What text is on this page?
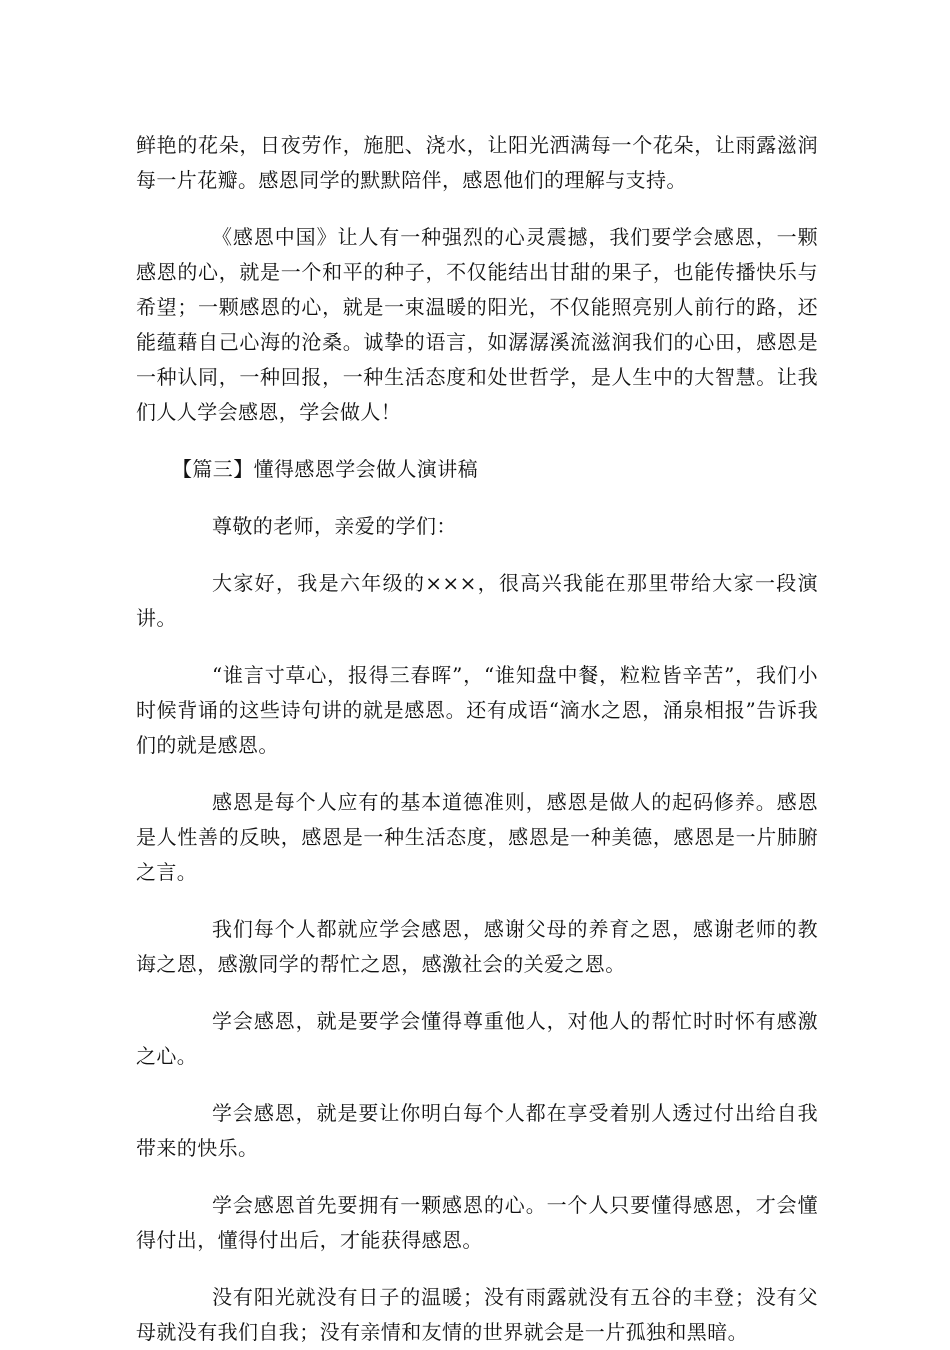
鲜艳的花朵，日夜劳作，施肥、浇水，让阳光洒满每一个花朵，让雨露滋润每一片花瓣。感恩同学的默默陪伴，感恩他们的理解与支持。

《感恩中国》让人有一种强烈的心灵震撼，我们要学会感恩，一颗感恩的心，就是一个和平的种子，不仅能结出甘甜的果子，也能传播快乐与希望；一颗感恩的心，就是一束温暖的阳光，不仅能照亮别人前行的路，还能蕴藉自己心海的沧桑。诚挚的语言，如潺潺溪流滋润我们的心田，感恩是一种认同，一种回报，一种生活态度和处世哲学，是人生中的大智慧。让我们人人学会感恩，学会做人！

【篇三】懂得感恩学会做人演讲稿

尊敬的老师，亲爱的学们：

大家好，我是六年级的×××，很高兴我能在那里带给大家一段演讲。

“谁言寸草心，报得三春晖”，“谁知盘中餐，粒粒皆辛苦”，我们小时候背诵的这些诗句讲的就是感恩。还有成语“滴水之恩，涌泉相报”告诉我们的就是感恩。

感恩是每个人应有的基本道德准则，感恩是做人的起码修养。感恩是人性善的反映，感恩是一种生活态度，感恩是一种美德，感恩是一片肺腑之言。

我们每个人都就应学会感恩，感谢父母的养育之恩，感谢老师的教诲之恩，感激同学的帮忙之恩，感激社会的关爱之恩。

学会感恩，就是要学会懂得尊重他人，对他人的帮忙时时怀有感激之心。

学会感恩，就是要让你明白每个人都在享受着别人透过付出给自我带来的快乐。

学会感恩首先要拥有一颗感恩的心。一个人只要懂得感恩，才会懂得付出，懂得付出后，才能获得感恩。

没有阳光就没有日子的温暖；没有雨露就没有五谷的丰登；没有父母就没有我们自我；没有亲情和友情的世界就会是一片孤独和黑暗。
